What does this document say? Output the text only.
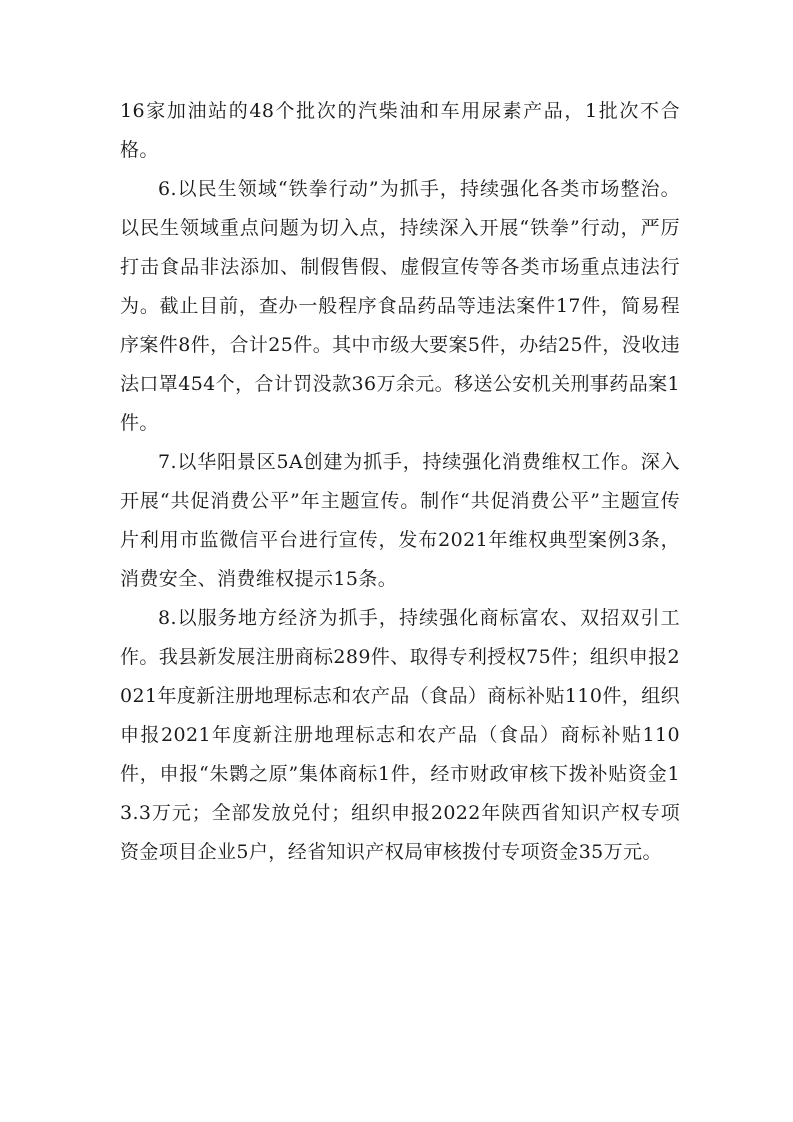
16家加油站的48个批次的汽柴油和车用尿素产品，1批次不合格。

6.以民生领域“铁拳行动”为抓手，持续强化各类市场整治。以民生领域重点问题为切入点，持续深入开展“铁拳”行动，严厉打击食品非法添加、制假售假、虚假宣传等各类市场重点违法行为。截止目前，查办一般程序食品药品等违法案件17件，简易程序案件8件，合计25件。其中市级大要案5件，办结25件，没收违法口罩454个，合计罚没款36万余元。移送公安机关刑事药品案1件。

7.以华阳景区5A创建为抓手，持续强化消费维权工作。深入开展“共促消费公平”年主题宣传。制作“共促消费公平”主题宣传片利用市监微信平台进行宣传，发布2021年维权典型案例3条，消费安全、消费维权提示15条。

8.以服务地方经济为抓手，持续强化商标富农、双招双引工作。我县新发展注册商标289件、取得专利授权75件；组织申报2021年度新注册地理标志和农产品（食品）商标补贴110件，组织申报2021年度新注册地理标志和农产品（食品）商标补贴110件，申报“朱鹮之原”集体商标1件，经市财政审核下拨补贴资金13.3万元；全部发放兑付；组织申报2022年陕西省知识产权专项资金项目企业5户，经省知识产权局审核拨付专项资金35万元。
